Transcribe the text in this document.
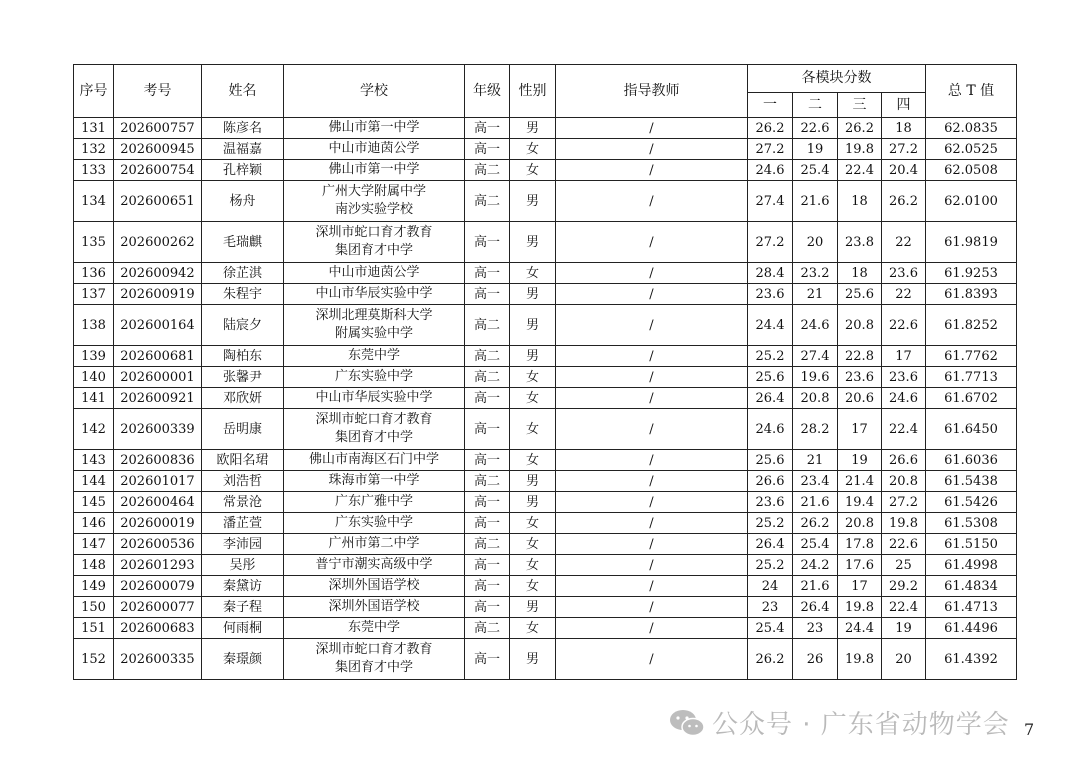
序号	考号	姓名	学校	年级	性别	指导教师	各模块分数				总 T 值
							一	二	三	四	
131	202600757	陈彦名	佛山市第一中学	高一	男	/	26.2	22.6	26.2	18	62.0835
132	202600945	温福嘉	中山市迪茵公学	高一	女	/	27.2	19	19.8	27.2	62.0525
133	202600754	孔梓颖	佛山市第一中学	高二	女	/	24.6	25.4	22.4	20.4	62.0508
134	202600651	杨舟	广州大学附属中学
南沙实验学校	高二	男	/	27.4	21.6	18	26.2	62.0100
135	202600262	毛瑞麒	深圳市蛇口育才教育
集团育才中学	高一	男	/	27.2	20	23.8	22	61.9819
136	202600942	徐芷淇	中山市迪茵公学	高一	女	/	28.4	23.2	18	23.6	61.9253
137	202600919	朱程宇	中山市华辰实验中学	高一	男	/	23.6	21	25.6	22	61.8393
138	202600164	陆宸夕	深圳北理莫斯科大学
附属实验中学	高二	男	/	24.4	24.6	20.8	22.6	61.8252
139	202600681	陶柏东	东莞中学	高二	男	/	25.2	27.4	22.8	17	61.7762
140	202600001	张馨尹	广东实验中学	高二	女	/	25.6	19.6	23.6	23.6	61.7713
141	202600921	邓欣妍	中山市华辰实验中学	高一	女	/	26.4	20.8	20.6	24.6	61.6702
142	202600339	岳明康	深圳市蛇口育才教育
集团育才中学	高一	女	/	24.6	28.2	17	22.4	61.6450
143	202600836	欧阳名珺	佛山市南海区石门中学	高一	女	/	25.6	21	19	26.6	61.6036
144	202601017	刘浩哲	珠海市第一中学	高二	男	/	26.6	23.4	21.4	20.8	61.5438
145	202600464	常景沧	广东广雅中学	高一	男	/	23.6	21.6	19.4	27.2	61.5426
146	202600019	潘芷萱	广东实验中学	高一	女	/	25.2	26.2	20.8	19.8	61.5308
147	202600536	李沛园	广州市第二中学	高二	女	/	26.4	25.4	17.8	22.6	61.5150
148	202601293	吴彤	普宁市潮实高级中学	高一	女	/	25.2	24.2	17.6	25	61.4998
149	202600079	秦黛访	深圳外国语学校	高一	女	/	24	21.6	17	29.2	61.4834
150	202600077	秦子程	深圳外国语学校	高一	男	/	23	26.4	19.8	22.4	61.4713
151	202600683	何雨桐	东莞中学	高二	女	/	25.4	23	24.4	19	61.4496
152	202600335	秦璟颜	深圳市蛇口育才教育
集团育才中学	高一	男	/	26.2	26	19.8	20	61.4392
公众号 · 广东省动物学会 7
